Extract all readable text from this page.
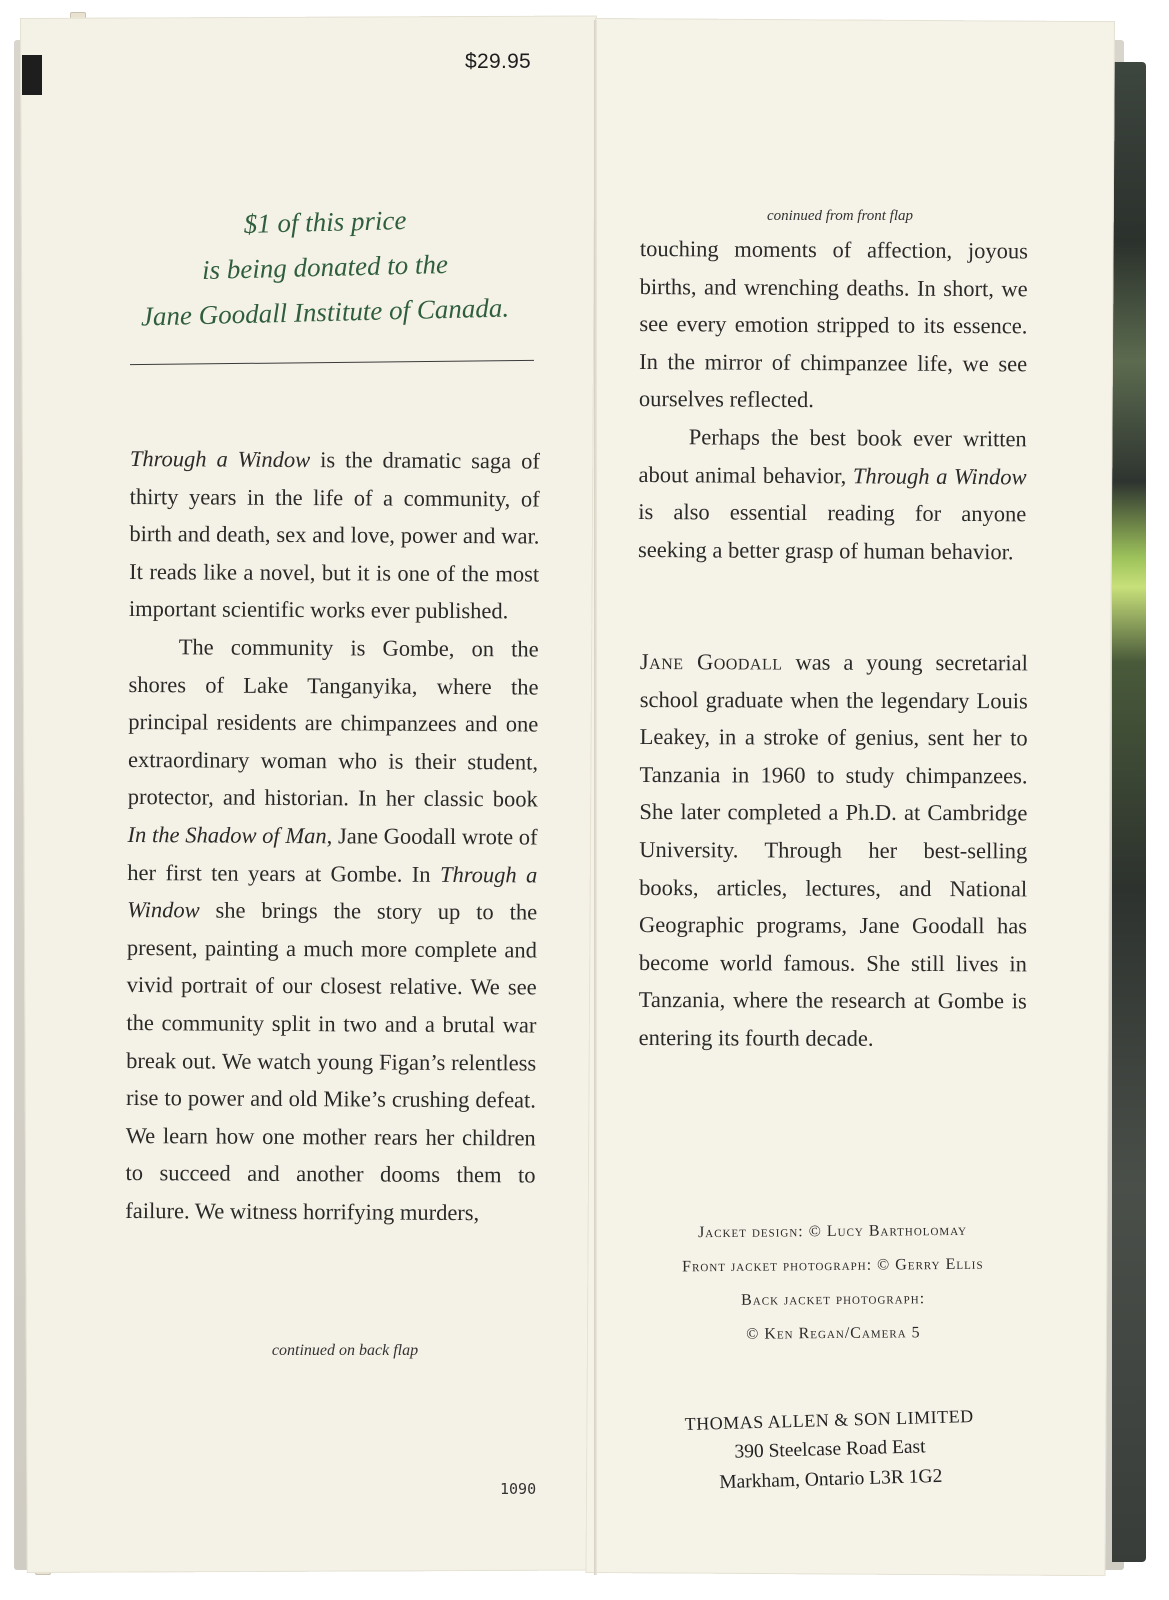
$29.95
$1 of this price
is being donated to the
Jane Goodall Institute of Canada.

Through a Window is the dramatic saga of thirty years in the life of a community, of birth and death, sex and love, power and war. It reads like a novel, but it is one of the most important scientific works ever published.

The community is Gombe, on the shores of Lake Tanganyika, where the principal residents are chimpanzees and one extraordinary woman who is their student, protector, and historian. In her classic book In the Shadow of Man, Jane Goodall wrote of her first ten years at Gombe. In Through a Window she brings the story up to the present, painting a much more complete and vivid portrait of our closest relative. We see the community split in two and a brutal war break out. We watch young Figan’s relentless rise to power and old Mike’s crushing defeat. We learn how one mother rears her children to succeed and another dooms them to failure. We witness horrifying murders,

continued on back flap
1090
coninued from front flap

touching moments of affection, joyous births, and wrenching deaths. In short, we see every emotion stripped to its essence. In the mirror of chimpanzee life, we see ourselves reflected.

Perhaps the best book ever written about animal behavior, Through a Window is also essential reading for anyone seeking a better grasp of human behavior.

Jane Goodall was a young secretarial school graduate when the legendary Louis Leakey, in a stroke of genius, sent her to Tanzania in 1960 to study chimpanzees. She later completed a Ph.D. at Cambridge University. Through her best-selling books, articles, lectures, and National Geographic programs, Jane Goodall has become world famous. She still lives in Tanzania, where the research at Gombe is entering its fourth decade.

Jacket design: © Lucy Bartholomay
Front jacket photograph: © Gerry Ellis
Back jacket photograph:
© Ken Regan/Camera 5
THOMAS ALLEN & SON LIMITED
390 Steelcase Road East
Markham, Ontario L3R 1G2
